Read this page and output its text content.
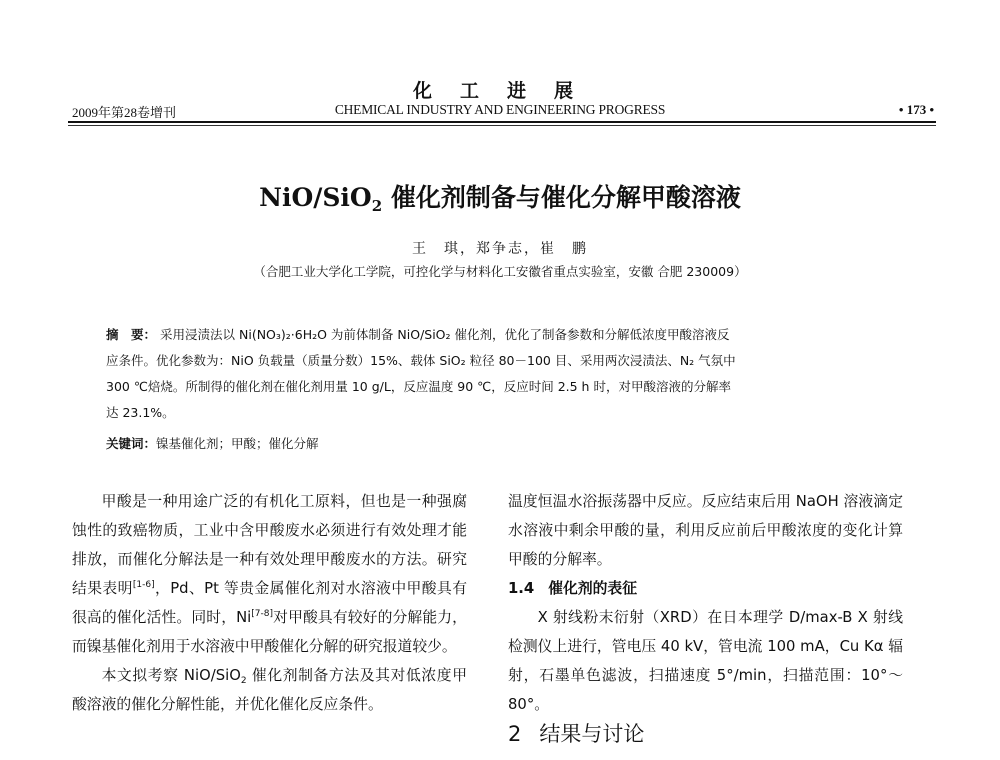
化工进展
2009年第28卷增刊	CHEMICAL INDUSTRY AND ENGINEERING PROGRESS	• 173 •
NiO/SiO$_2$ 催化剂制备与催化分解甲酸溶液
王　琪，郑争志，崔　鹏
（合肥工业大学化工学院，可控化学与材料化工安徽省重点实验室，安徽 合肥 230009）

摘　要： 采用浸渍法以 Ni(NO₃)₂·6H₂O 为前体制备 NiO/SiO₂ 催化剂，优化了制备参数和分解低浓度甲酸溶液反

应条件。优化参数为：NiO 负载量（质量分数）15%、载体 SiO₂ 粒径 80－100 目、采用两次浸渍法、N₂ 气氛中

300 ℃焙烧。所制得的催化剂在催化剂用量 10 g/L，反应温度 90 ℃，反应时间 2.5 h 时，对甲酸溶液的分解率

达 23.1%。

关键词：镍基催化剂；甲酸；催化分解

甲酸是一种用途广泛的有机化工原料，但也是一种强腐蚀性的致癌物质，工业中含甲酸废水必须进行有效处理才能排放，而催化分解法是一种有效处理甲酸废水的方法。研究结果表明[1-6]，Pd、Pt 等贵金属催化剂对水溶液中甲酸具有很高的催化活性。同时，Ni[7-8]对甲酸具有较好的分解能力，而镍基催化剂用于水溶液中甲酸催化分解的研究报道较少。

本文拟考察 NiO/SiO$_2$ 催化剂制备方法及其对低浓度甲酸溶液的催化分解性能，并优化催化反应条件。

温度恒温水浴振荡器中反应。反应结束后用 NaOH 溶液滴定水溶液中剩余甲酸的量，利用反应前后甲酸浓度的变化计算甲酸的分解率。

1.4 催化剂的表征

X 射线粉末衍射（XRD）在日本理学 D/max-B X 射线检测仪上进行，管电压 40 kV，管电流 100 mA，Cu Kα 辐射，石墨单色滤波，扫描速度 5°/min，扫描范围：10°～80°。

2 结果与讨论
